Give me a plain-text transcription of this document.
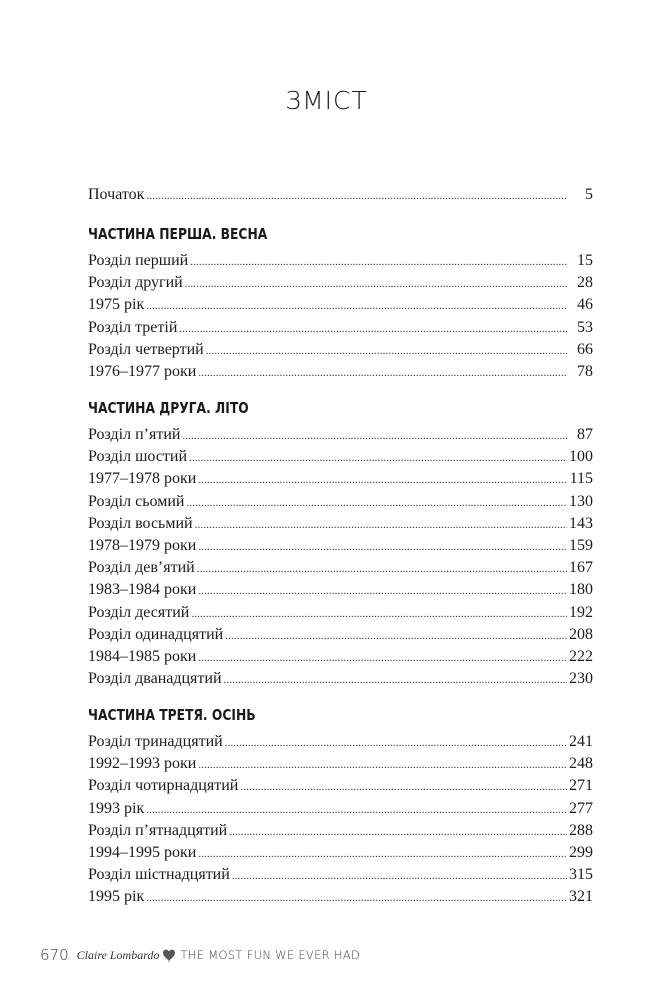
ЗМІСТ
Початок . . .	5
ЧАСТИНА ПЕРША. ВЕСНА
Розділ перший . . .	15
Розділ другий . . .	28
1975 рік . . .	46
Розділ третій . . .	53
Розділ четвертий . . .	66
1976–1977 роки . . .	78
ЧАСТИНА ДРУГА. ЛІТО
Розділ п’ятий . . .	87
Розділ шостий . . .	100
1977–1978 роки . . .	115
Розділ сьомий . . .	130
Розділ восьмий . . .	143
1978–1979 роки . . .	159
Розділ дев’ятий . . .	167
1983–1984 роки . . .	180
Розділ десятий . . .	192
Розділ одинадцятий . . .	208
1984–1985 роки . . .	222
Розділ дванадцятий . . .	230
ЧАСТИНА ТРЕТЯ. ОСІНЬ
Розділ тринадцятий . . .	241
1992–1993 роки . . .	248
Розділ чотирнадцятий . . .	271
1993 рік . . .	277
Розділ п’ятнадцятий . . .	288
1994–1995 роки . . .	299
Розділ шістнадцятий . . .	315
1995 рік . . .	321
670 Claire Lombardo THE MOST FUN WE EVER HAD
